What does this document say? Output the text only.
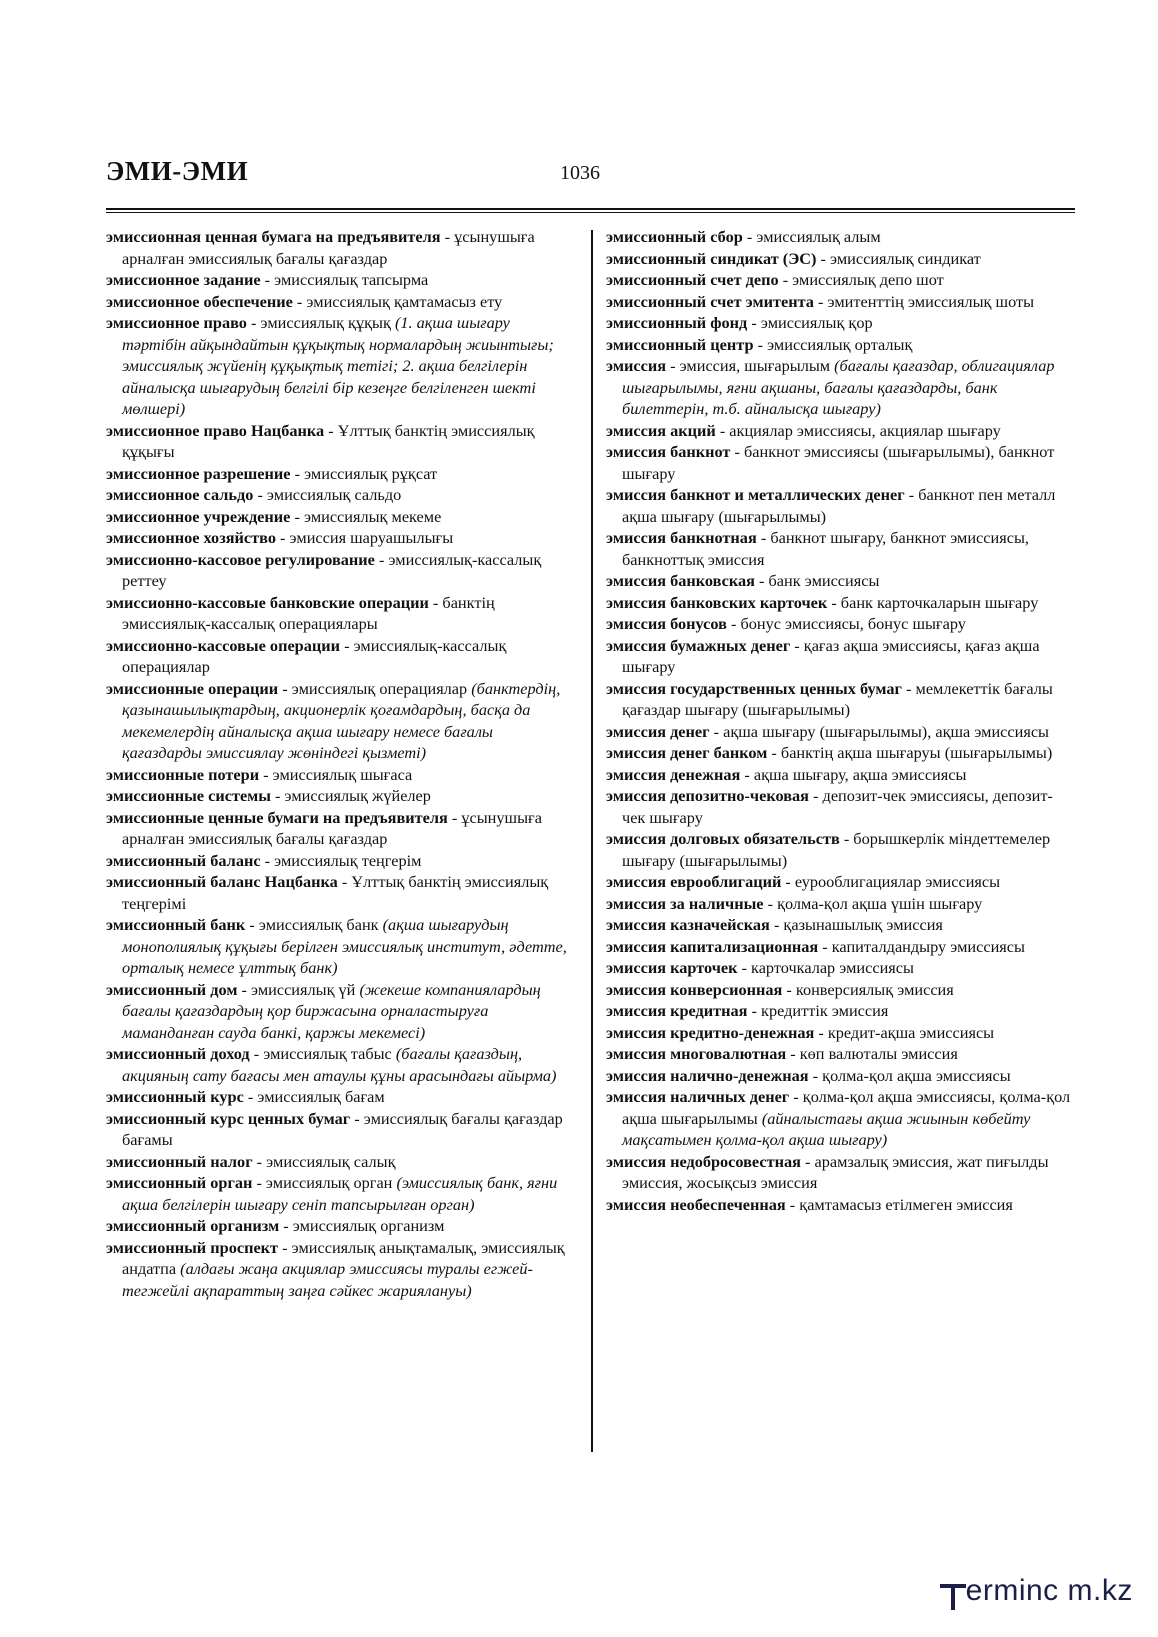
ЭМИ-ЭМИ	1036

эмиссионная ценная бумага на предъявителя - ұсынушыға арналған эмиссиялық бағалы қағаздар

эмиссионное задание - эмиссиялық тапсырма

эмиссионное обеспечение - эмиссиялық қамтамасыз ету

эмиссионное право - эмиссиялық құқық (1. ақша шығару тәртібін айқындайтын құқықтық нормалардың жиынтығы; эмиссиялық жүйенің құқықтық тетігі; 2. ақша белгілерін айналысқа шығарудың белгілі бір кезеңге белгіленген шекті мөлшері)

эмиссионное право Нацбанка - Ұлттық банктің эмиссиялық құқығы

эмиссионное разрешение - эмиссиялық рұқсат

эмиссионное сальдо - эмиссиялық сальдо

эмиссионное учреждение - эмиссиялық мекеме

эмиссионное хозяйство - эмиссия шаруашылығы

эмиссионно-кассовое регулирование - эмиссиялық-кассалық реттеу

эмиссионно-кассовые банковские операции - банктің эмиссиялық-кассалық операциялары

эмиссионно-кассовые операции - эмиссиялық-кассалық операциялар

эмиссионные операции - эмиссиялық операциялар (банктердің, қазынашылықтардың, акционерлік қоғамдардың, басқа да мекемелердің айналысқа ақша шығару немесе бағалы қағаздарды эмиссиялау жөніндегі қызметі)

эмиссионные потери - эмиссиялық шығаса

эмиссионные системы - эмиссиялық жүйелер

эмиссионные ценные бумаги на предъявителя - ұсынушыға арналған эмиссиялық бағалы қағаздар

эмиссионный баланс - эмиссиялық теңгерім

эмиссионный баланс Нацбанка - Ұлттық банктің эмиссиялық теңгерімі

эмиссионный банк - эмиссиялық банк (ақша шығарудың монополиялық құқығы берілген эмиссиялық институт, әдетте, орталық немесе ұлттық банк)

эмиссионный дом - эмиссиялық үй (жекеше компаниялардың бағалы қағаздардың қор биржасына орналастыруға маманданған сауда банкі, қаржы мекемесі)

эмиссионный доход - эмиссиялық табыс (бағалы қағаздың, акцияның сату бағасы мен атаулы құны арасындағы айырма)

эмиссионный курс - эмиссиялық бағам

эмиссионный курс ценных бумаг - эмиссиялық бағалы қағаздар бағамы

эмиссионный налог - эмиссиялық салық

эмиссионный орган - эмиссиялық орган (эмиссиялық банк, яғни ақша белгілерін шығару сеніп тапсырылған орган)

эмиссионный организм - эмиссиялық организм

эмиссионный проспект - эмиссиялық анықтамалық, эмиссиялық андатпа (алдағы жаңа акциялар эмиссиясы туралы егжей-тегжейлі ақпараттың заңға сәйкес жариялануы)

эмиссионный сбор - эмиссиялық алым

эмиссионный синдикат (ЭС) - эмиссиялық синдикат

эмиссионный счет депо - эмиссиялық депо шот

эмиссионный счет эмитента - эмитенттің эмиссиялық шоты

эмиссионный фонд - эмиссиялық қор

эмиссионный центр - эмиссиялық орталық

эмиссия - эмиссия, шығарылым (бағалы қағаздар, облигациялар шығарылымы, яғни ақшаны, бағалы қағаздарды, банк билеттерін, т.б. айналысқа шығару)

эмиссия акций - акциялар эмиссиясы, акциялар шығару

эмиссия банкнот - банкнот эмиссиясы (шығарылымы), банкнот шығару

эмиссия банкнот и металлических денег - банкнот пен металл ақша шығару (шығарылымы)

эмиссия банкнотная - банкнот шығару, банкнот эмиссиясы, банкноттық эмиссия

эмиссия банковская - банк эмиссиясы

эмиссия банковских карточек - банк карточкаларын шығару

эмиссия бонусов - бонус эмиссиясы, бонус шығару

эмиссия бумажных денег - қағаз ақша эмиссиясы, қағаз ақша шығару

эмиссия государственных ценных бумаг - мемлекеттік бағалы қағаздар шығару (шығарылымы)

эмиссия денег - ақша шығару (шығарылымы), ақша эмиссиясы

эмиссия денег банком - банктің ақша шығаруы (шығарылымы)

эмиссия денежная - ақша шығару, ақша эмиссиясы

эмиссия депозитно-чековая - депозит-чек эмиссиясы, депозит-чек шығару

эмиссия долговых обязательств - борышкерлік міндеттемелер шығару (шығарылымы)

эмиссия еврооблигаций - еурооблигациялар эмиссиясы

эмиссия за наличные - қолма-қол ақша үшін шығару

эмиссия казначейская - қазынашылық эмиссия

эмиссия капитализационная - капиталдандыру эмиссиясы

эмиссия карточек - карточкалар эмиссиясы

эмиссия конверсионная - конверсиялық эмиссия

эмиссия кредитная - кредиттік эмиссия

эмиссия кредитно-денежная - кредит-ақша эмиссиясы

эмиссия многовалютная - көп валюталы эмиссия

эмиссия налично-денежная - қолма-қол ақша эмиссиясы

эмиссия наличных денег - қолма-қол ақша эмиссиясы, қолма-қол ақша шығарылымы (айналыстағы ақша жиынын көбейту мақсатымен қолма-қол ақша шығару)

эмиссия недобросовестная - арамзалық эмиссия, жат пиғылды эмиссия, жосықсыз эмиссия

эмиссия необеспеченная - қамтамасыз етілмеген эмиссия

erminc m.kz
